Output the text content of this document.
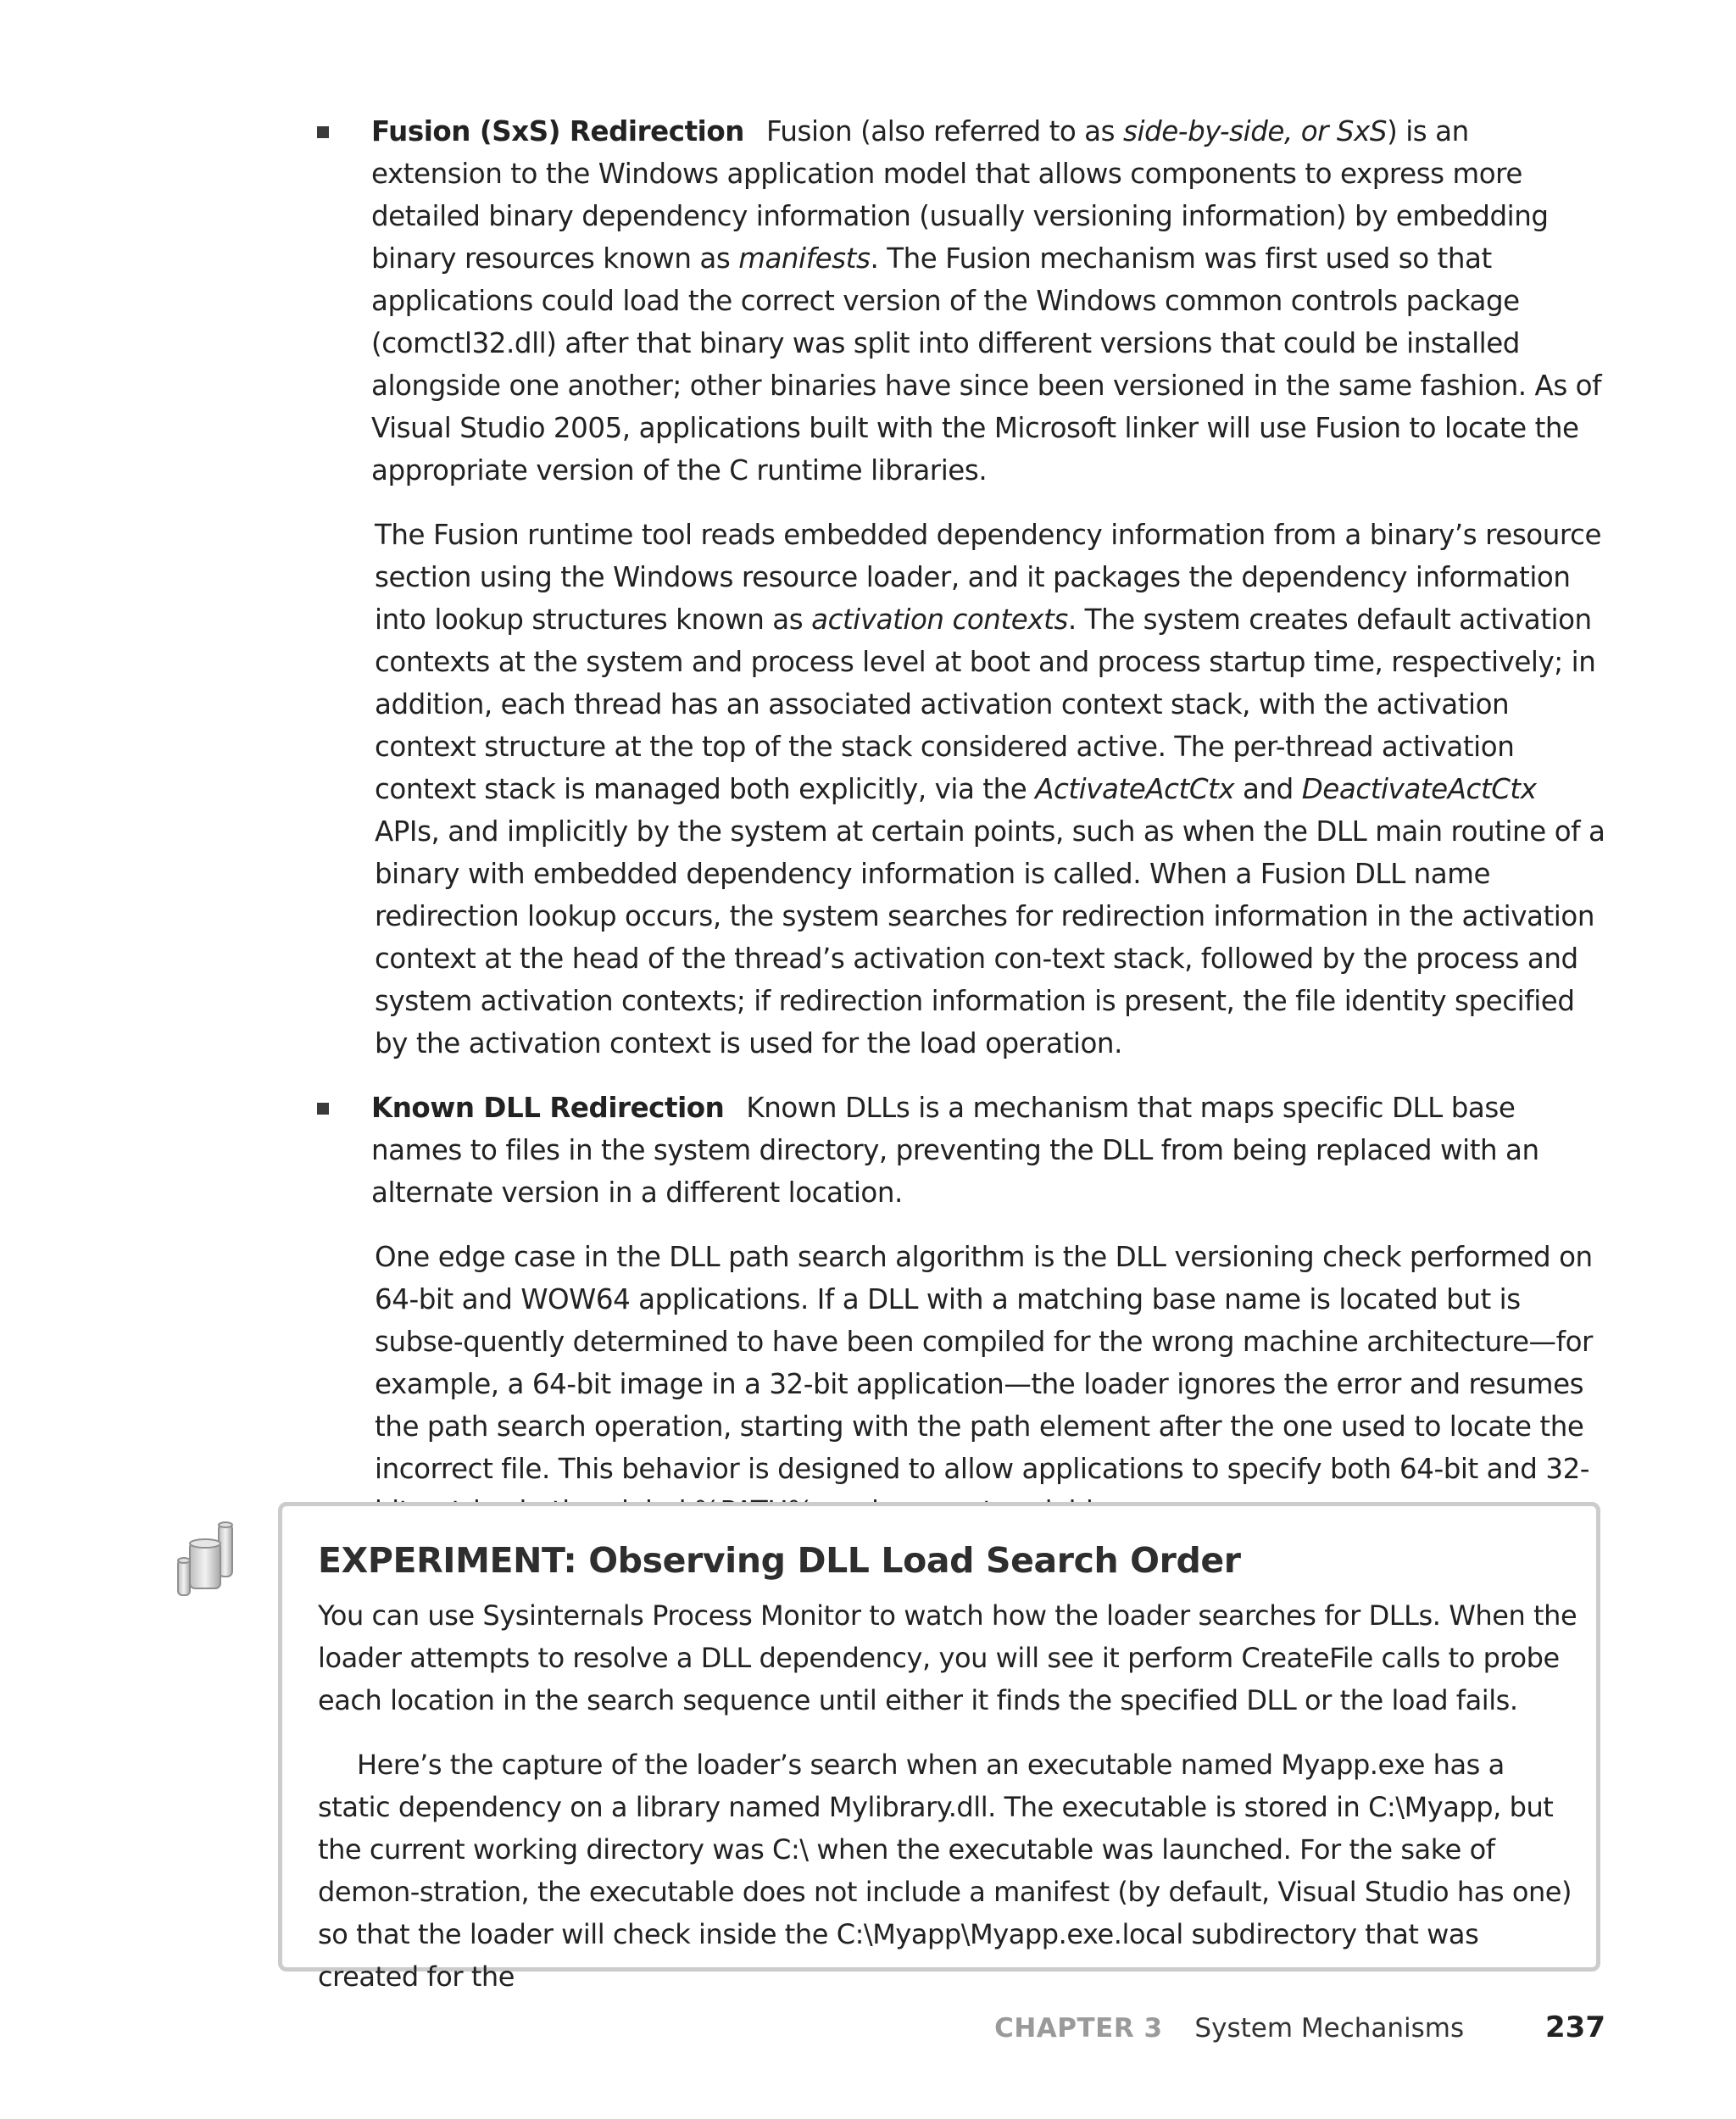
Fusion (SxS) Redirection Fusion (also referred to as side-by-side, or SxS) is an extension to the Windows application model that allows components to express more detailed binary dependency information (usually versioning information) by embedding binary resources known as manifests. The Fusion mechanism was first used so that applications could load the correct version of the Windows common controls package (comctl32.dll) after that binary was split into different versions that could be installed alongside one another; other binaries have since been versioned in the same fashion. As of Visual Studio 2005, applications built with the Microsoft linker will use Fusion to locate the appropriate version of the C runtime libraries.
The Fusion runtime tool reads embedded dependency information from a binary’s resource section using the Windows resource loader, and it packages the dependency information into lookup structures known as activation contexts. The system creates default activation contexts at the system and process level at boot and process startup time, respectively; in addition, each thread has an associated activation context stack, with the activation context structure at the top of the stack considered active. The per-thread activation context stack is managed both explicitly, via the ActivateActCtx and DeactivateActCtx APIs, and implicitly by the system at certain points, such as when the DLL main routine of a binary with embedded dependency information is called. When a Fusion DLL name redirection lookup occurs, the system searches for redirection information in the activation context at the head of the thread’s activation con-text stack, followed by the process and system activation contexts; if redirection information is present, the file identity specified by the activation context is used for the load operation.
Known DLL Redirection Known DLLs is a mechanism that maps specific DLL base names to files in the system directory, preventing the DLL from being replaced with an alternate version in a different location.
One edge case in the DLL path search algorithm is the DLL versioning check performed on 64-bit and WOW64 applications. If a DLL with a matching base name is located but is subse-quently determined to have been compiled for the wrong machine architecture—for example, a 64-bit image in a 32-bit application—the loader ignores the error and resumes the path search operation, starting with the path element after the one used to locate the incorrect file. This behavior is designed to allow applications to specify both 64-bit and 32-
EXPERIMENT: Observing DLL Load Search Order
You can use Sysinternals Process Monitor to watch how the loader searches for DLLs. When the loader attempts to resolve a DLL dependency, you will see it perform CreateFile calls to probe each location in the search sequence until either it finds the specified DLL or the load fails.
Here’s the capture of the loader’s search when an executable named Myapp.exe has a static dependency on a library named Mylibrary.dll. The executable is stored in C:\Myapp, but the current working directory was C:\ when the executable was launched. For the sake of demon-stration, the executable does not include a manifest (by default, Visual Studio has one) so that the loader will check inside the C:\Myapp\Myapp.exe.local subdirectory that was created for the
CHAPTER 3 System Mechanisms	237
